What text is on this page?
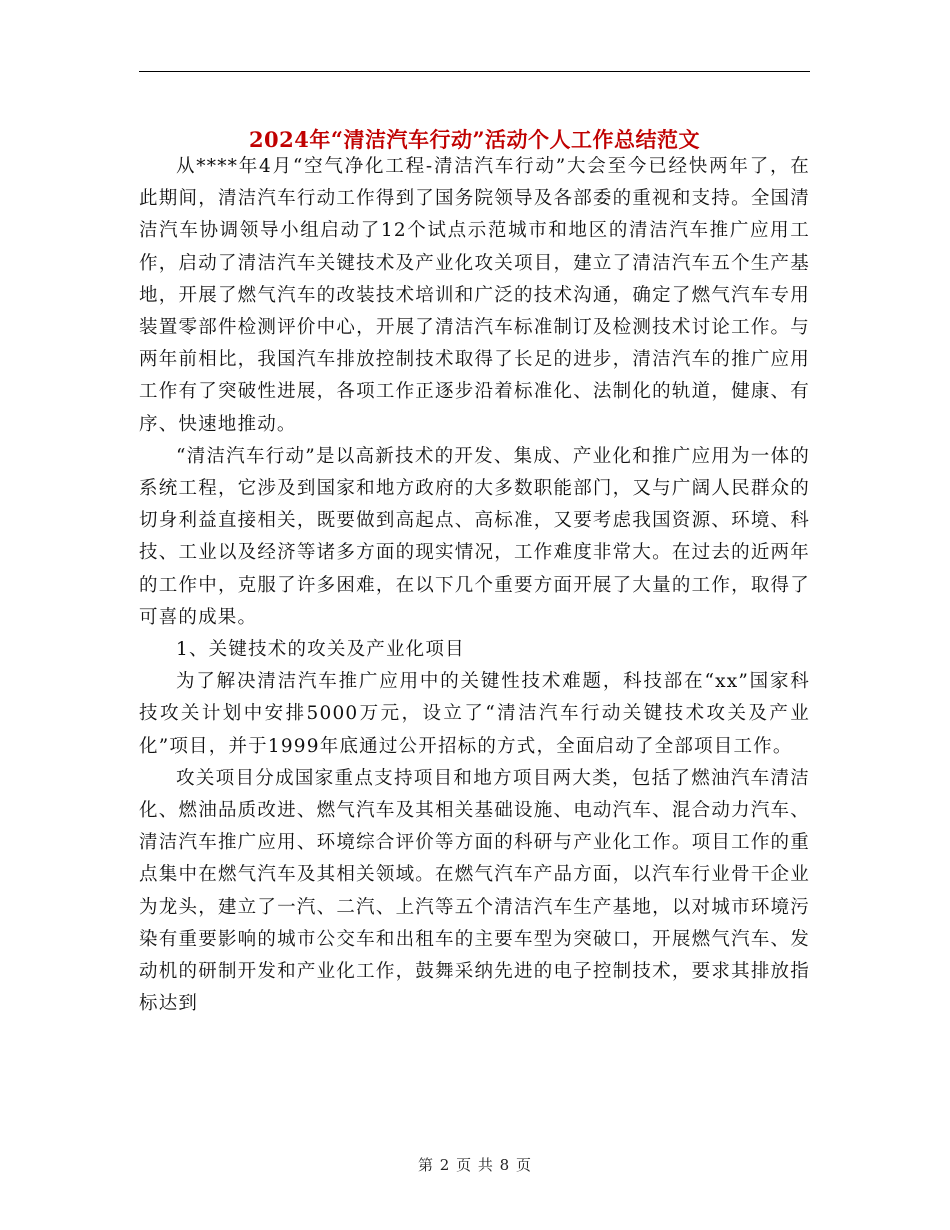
2024年“清洁汽车行动”活动个人工作总结范文

从****年4月“空气净化工程-清洁汽车行动”大会至今已经快两年了，在此期间，清洁汽车行动工作得到了国务院领导及各部委的重视和支持。全国清洁汽车协调领导小组启动了12个试点示范城市和地区的清洁汽车推广应用工作，启动了清洁汽车关键技术及产业化攻关项目，建立了清洁汽车五个生产基地，开展了燃气汽车的改装技术培训和广泛的技术沟通，确定了燃气汽车专用装置零部件检测评价中心，开展了清洁汽车标准制订及检测技术讨论工作。与两年前相比，我国汽车排放控制技术取得了长足的进步，清洁汽车的推广应用工作有了突破性进展，各项工作正逐步沿着标准化、法制化的轨道，健康、有序、快速地推动。

“清洁汽车行动”是以高新技术的开发、集成、产业化和推广应用为一体的系统工程，它涉及到国家和地方政府的大多数职能部门，又与广阔人民群众的切身利益直接相关，既要做到高起点、高标准，又要考虑我国资源、环境、科技、工业以及经济等诸多方面的现实情况，工作难度非常大。在过去的近两年的工作中，克服了许多困难，在以下几个重要方面开展了大量的工作，取得了可喜的成果。

1、关键技术的攻关及产业化项目

为了解决清洁汽车推广应用中的关键性技术难题，科技部在“xx”国家科技攻关计划中安排5000万元，设立了“清洁汽车行动关键技术攻关及产业化”项目，并于1999年底通过公开招标的方式，全面启动了全部项目工作。

攻关项目分成国家重点支持项目和地方项目两大类，包括了燃油汽车清洁化、燃油品质改进、燃气汽车及其相关基础设施、电动汽车、混合动力汽车、清洁汽车推广应用、环境综合评价等方面的科研与产业化工作。项目工作的重点集中在燃气汽车及其相关领域。在燃气汽车产品方面，以汽车行业骨干企业为龙头，建立了一汽、二汽、上汽等五个清洁汽车生产基地，以对城市环境污染有重要影响的城市公交车和出租车的主要车型为突破口，开展燃气汽车、发动机的研制开发和产业化工作，鼓舞采纳先进的电子控制技术，要求其排放指标达到

第 2 页 共 8 页
